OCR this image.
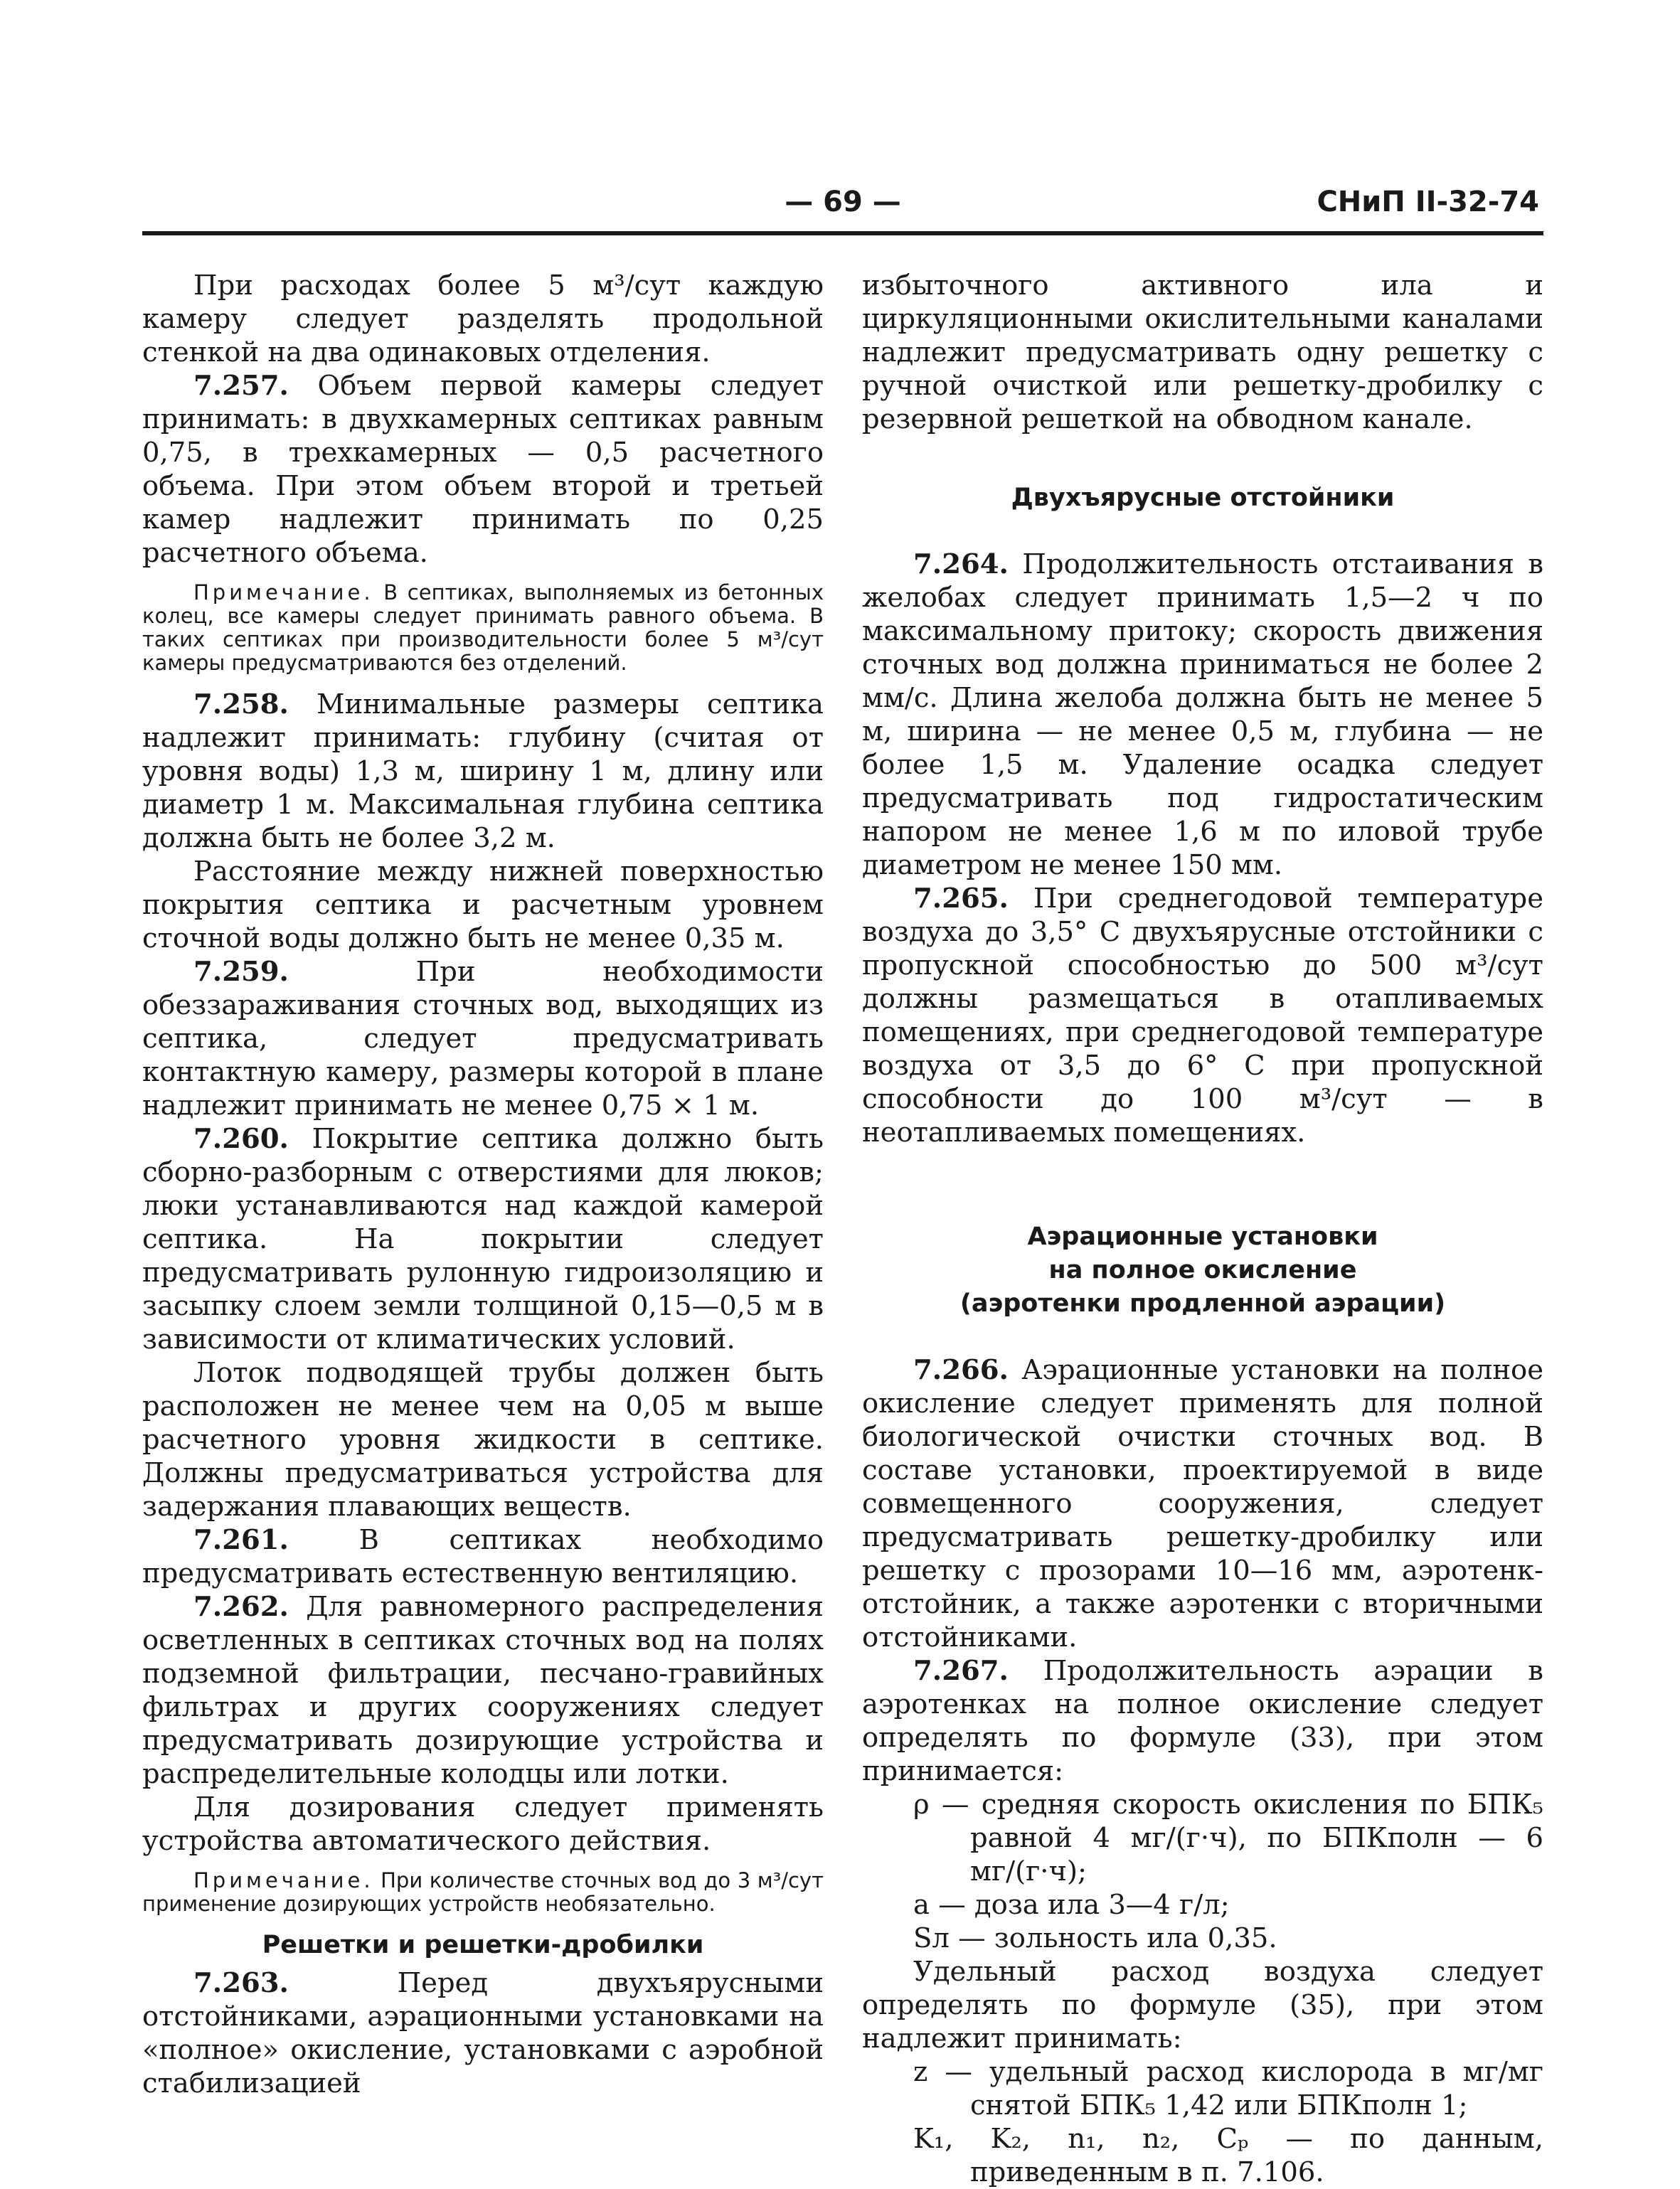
— 69 —	СНиП II-32-74

При расходах более 5 м³/сут каждую камеру следует разделять продольной стенкой на два одинаковых отделения.

7.257. Объем первой камеры следует принимать: в двухкамерных септиках равным 0,75, в трехкамерных — 0,5 расчетного объема. При этом объем второй и третьей камер надлежит принимать по 0,25 расчетного объема.

Примечание. В септиках, выполняемых из бетонных колец, все камеры следует принимать равного объема. В таких септиках при производительности более 5 м³/сут камеры предусматриваются без отделений.

7.258. Минимальные размеры септика надлежит принимать: глубину (считая от уровня воды) 1,3 м, ширину 1 м, длину или диаметр 1 м. Максимальная глубина септика должна быть не более 3,2 м.

Расстояние между нижней поверхностью покрытия септика и расчетным уровнем сточной воды должно быть не менее 0,35 м.

7.259. При необходимости обеззараживания сточных вод, выходящих из септика, следует предусматривать контактную камеру, размеры которой в плане надлежит принимать не менее 0,75 × 1 м.

7.260. Покрытие септика должно быть сборно-разборным с отверстиями для люков; люки устанавливаются над каждой камерой септика. На покрытии следует предусматривать рулонную гидроизоляцию и засыпку слоем земли толщиной 0,15—0,5 м в зависимости от климатических условий.

Лоток подводящей трубы должен быть расположен не менее чем на 0,05 м выше расчетного уровня жидкости в септике. Должны предусматриваться устройства для задержания плавающих веществ.

7.261. В септиках необходимо предусматривать естественную вентиляцию.

7.262. Для равномерного распределения осветленных в септиках сточных вод на полях подземной фильтрации, песчано-гравийных фильтрах и других сооружениях следует предусматривать дозирующие устройства и распределительные колодцы или лотки.

Для дозирования следует применять устройства автоматического действия.

Примечание. При количестве сточных вод до 3 м³/сут применение дозирующих устройств необязательно.
Решетки и решетки-дробилки

7.263. Перед двухъярусными отстойниками, аэрационными установками на «полное» окисление, установками с аэробной стабилизацией

избыточного активного ила и циркуляционными окислительными каналами надлежит предусматривать одну решетку с ручной очисткой или решетку-дробилку с резервной решеткой на обводном канале.

Двухъярусные отстойники

7.264. Продолжительность отстаивания в желобах следует принимать 1,5—2 ч по максимальному притоку; скорость движения сточных вод должна приниматься не более 2 мм/с. Длина желоба должна быть не менее 5 м, ширина — не менее 0,5 м, глубина — не более 1,5 м. Удаление осадка следует предусматривать под гидростатическим напором не менее 1,6 м по иловой трубе диаметром не менее 150 мм.

7.265. При среднегодовой температуре воздуха до 3,5° С двухъярусные отстойники с пропускной способностью до 500 м³/сут должны размещаться в отапливаемых помещениях, при среднегодовой температуре воздуха от 3,5 до 6° С при пропускной способности до 100 м³/сут — в неотапливаемых помещениях.

Аэрационные установки
на полное окисление
(аэротенки продленной аэрации)

7.266. Аэрационные установки на полное окисление следует применять для полной биологической очистки сточных вод. В составе установки, проектируемой в виде совмещенного сооружения, следует предусматривать решетку-дробилку или решетку с прозорами 10—16 мм, аэротенк-отстойник, а также аэротенки с вторичными отстойниками.

7.267. Продолжительность аэрации в аэротенках на полное окисление следует определять по формуле (33), при этом принимается:

ρ — средняя скорость окисления по БПК₅ равной 4 мг/(г·ч), по БПКполн — 6 мг/(г·ч);
a — доза ила 3—4 г/л;
Sл — зольность ила 0,35.

Удельный расход воздуха следует определять по формуле (35), при этом надлежит принимать:

z — удельный расход кислорода в мг/мг снятой БПК₅ 1,42 или БПКполн 1;
K₁, K₂, n₁, n₂, Cₚ — по данным, приведенным в п. 7.106.
